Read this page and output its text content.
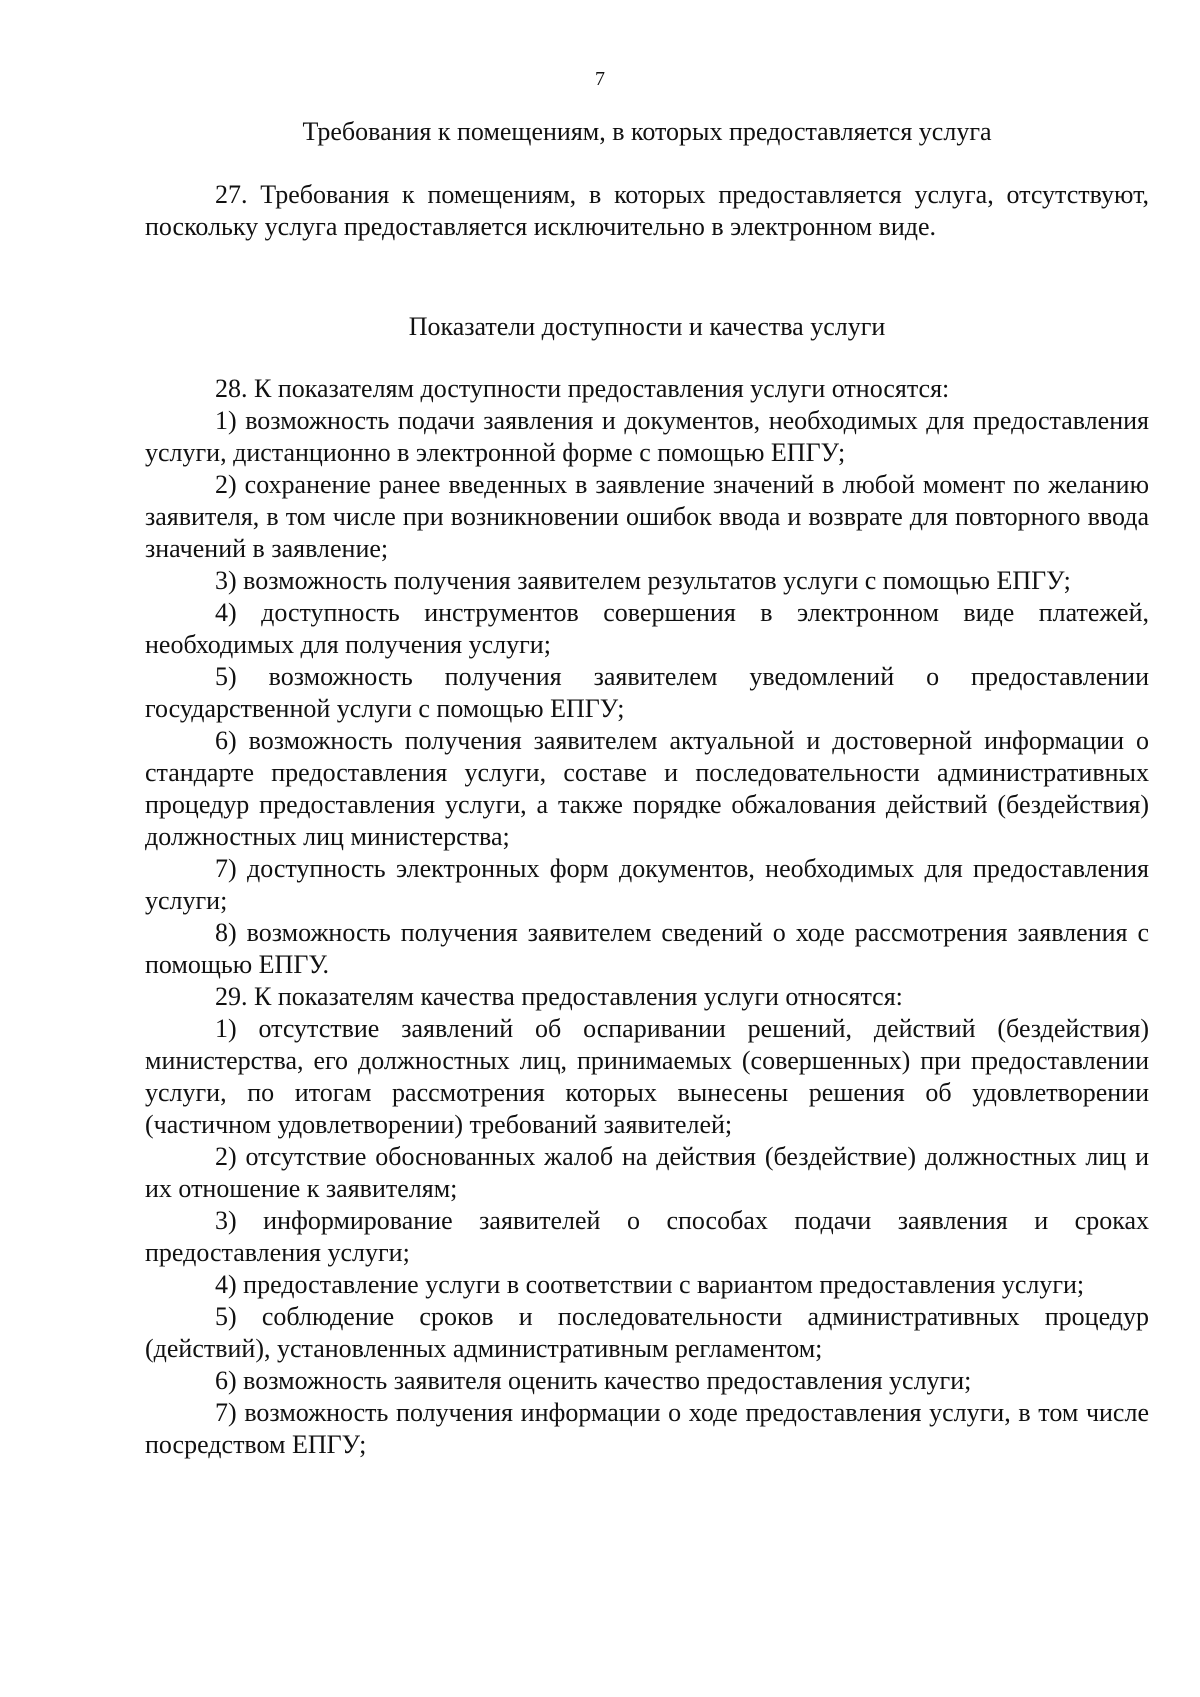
7
Требования к помещениям, в которых предоставляется услуга

27. Требования к помещениям, в которых предоставляется услуга, отсутствуют, поскольку услуга предоставляется исключительно в электронном виде.

Показатели доступности и качества услуги

28. К показателям доступности предоставления услуги относятся:

1) возможность подачи заявления и документов, необходимых для предоставления услуги, дистанционно в электронной форме с помощью ЕПГУ;

2) сохранение ранее введенных в заявление значений в любой момент по желанию заявителя, в том числе при возникновении ошибок ввода и возврате для повторного ввода значений в заявление;

3) возможность получения заявителем результатов услуги с помощью ЕПГУ;

4) доступность инструментов совершения в электронном виде платежей, необходимых для получения услуги;

5) возможность получения заявителем уведомлений о предоставлении государственной услуги с помощью ЕПГУ;

6) возможность получения заявителем актуальной и достоверной информации о стандарте предоставления услуги, составе и последовательности административных процедур предоставления услуги, а также порядке обжалования действий (бездействия) должностных лиц министерства;

7) доступность электронных форм документов, необходимых для предоставления услуги;

8) возможность получения заявителем сведений о ходе рассмотрения заявления с помощью ЕПГУ.

29. К показателям качества предоставления услуги относятся:

1) отсутствие заявлений об оспаривании решений, действий (бездействия) министерства, его должностных лиц, принимаемых (совершенных) при предоставлении услуги, по итогам рассмотрения которых вынесены решения об удовлетворении (частичном удовлетворении) требований заявителей;

2) отсутствие обоснованных жалоб на действия (бездействие) должностных лиц и их отношение к заявителям;

3) информирование заявителей о способах подачи заявления и сроках предоставления услуги;

4) предоставление услуги в соответствии с вариантом предоставления услуги;

5) соблюдение сроков и последовательности административных процедур (действий), установленных административным регламентом;

6) возможность заявителя оценить качество предоставления услуги;

7) возможность получения информации о ходе предоставления услуги, в том числе посредством ЕПГУ;
